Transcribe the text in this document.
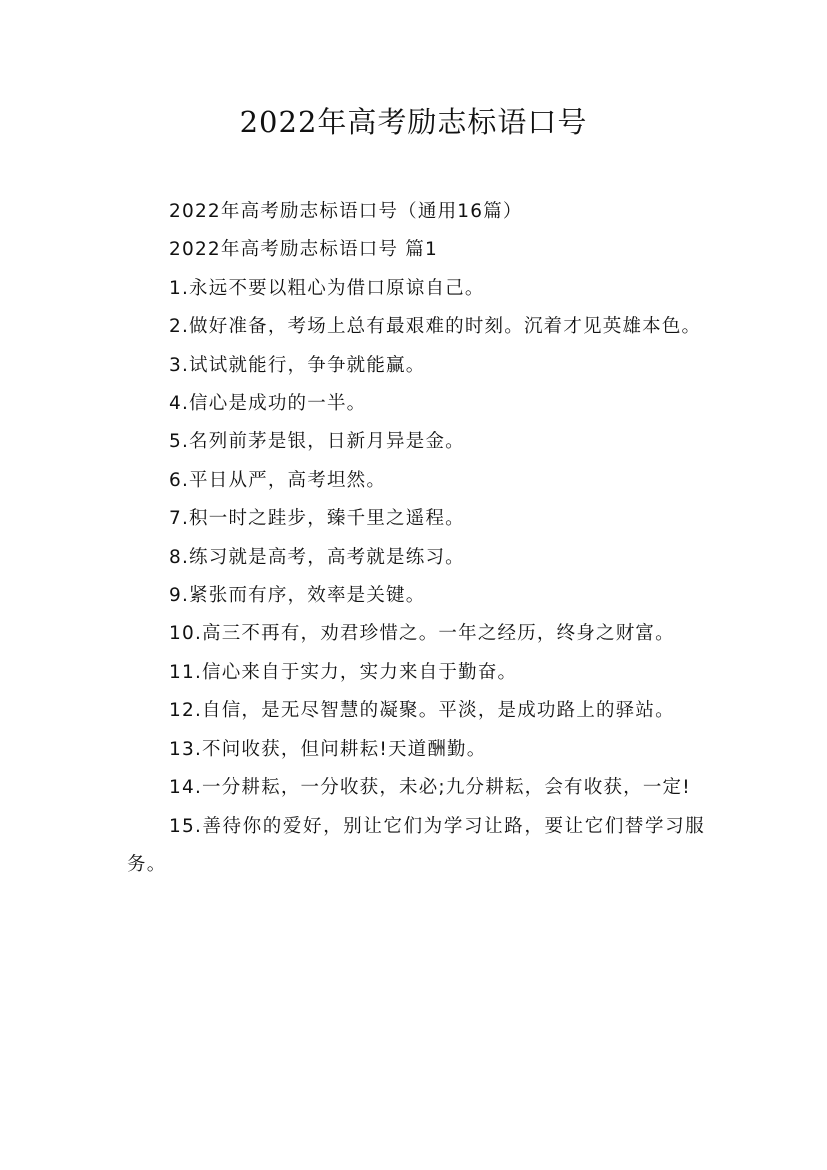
2022年高考励志标语口号

2022年高考励志标语口号（通用16篇）

2022年高考励志标语口号 篇1

1.永远不要以粗心为借口原谅自己。

2.做好准备，考场上总有最艰难的时刻。沉着才见英雄本色。

3.试试就能行，争争就能赢。

4.信心是成功的一半。

5.名列前茅是银，日新月异是金。

6.平日从严，高考坦然。

7.积一时之跬步，臻千里之遥程。

8.练习就是高考，高考就是练习。

9.紧张而有序，效率是关键。

10.高三不再有，劝君珍惜之。一年之经历，终身之财富。

11.信心来自于实力，实力来自于勤奋。

12.自信，是无尽智慧的凝聚。平淡，是成功路上的驿站。

13.不问收获，但问耕耘!天道酬勤。

14.一分耕耘，一分收获，未必;九分耕耘，会有收获，一定!

15.善待你的爱好，别让它们为学习让路，要让它们替学习服务。
